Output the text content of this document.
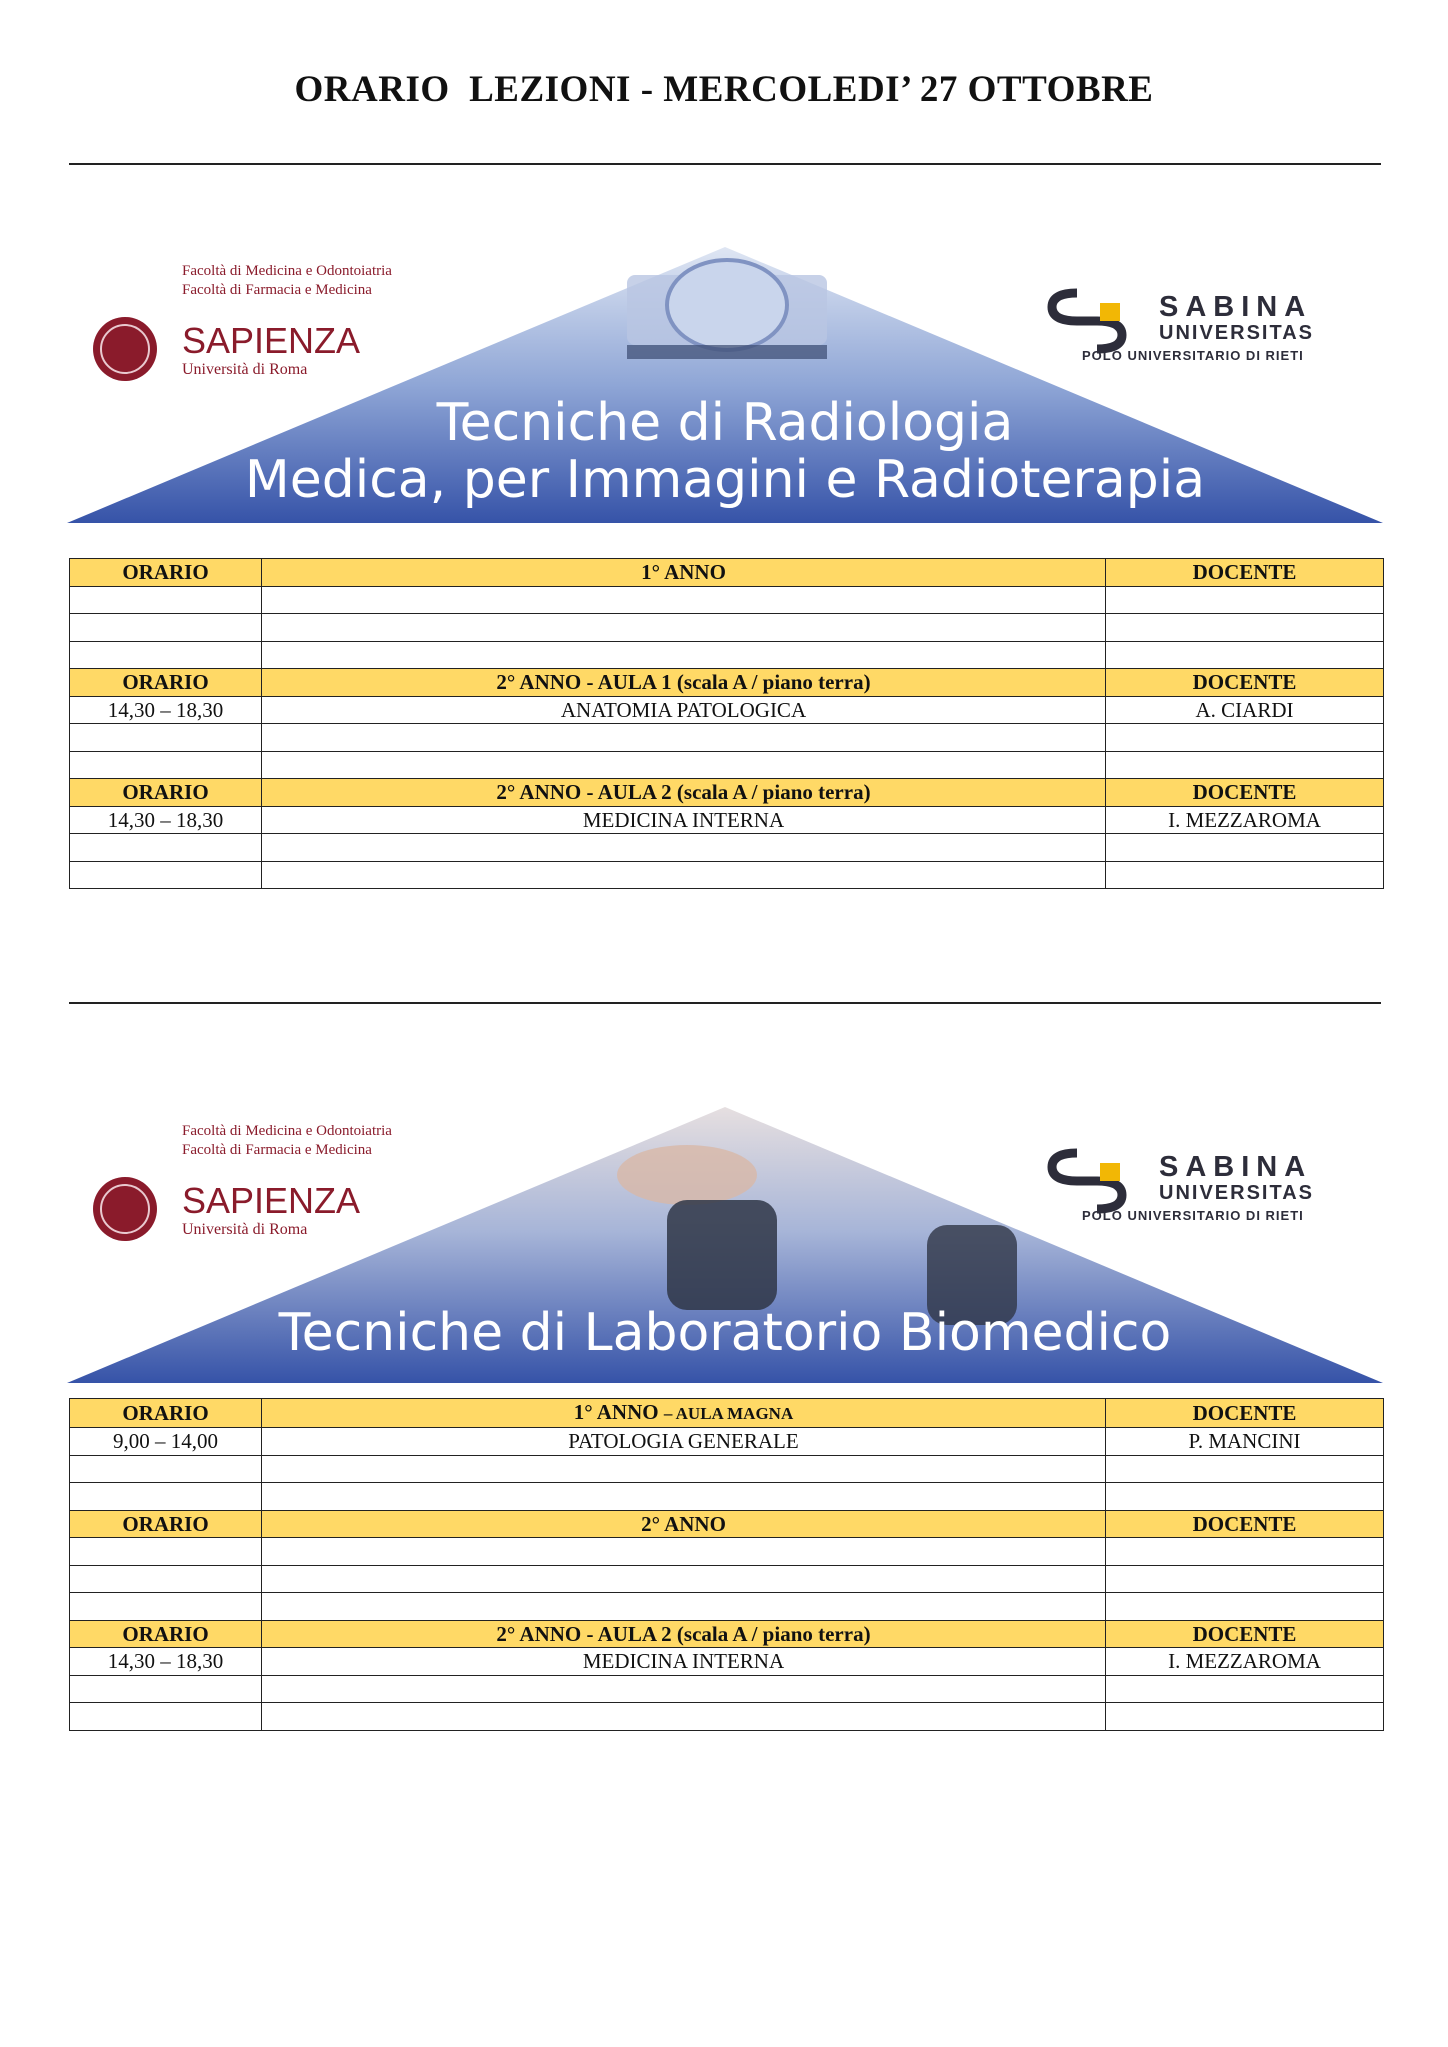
ORARIO  LEZIONI - MERCOLEDI’ 27 OTTOBRE
Tecniche di Radiologia
Medica, per Immagini e Radioterapia
Facoltà di Medicina e Odontoiatria
Facoltà di Farmacia e Medicina
SAPIENZA
Università di Roma
SABINA
UNIVERSITAS
POLO UNIVERSITARIO DI RIETI
ORARIO	1° ANNO	DOCENTE

ORARIO	2° ANNO - AULA 1 (scala A / piano terra)	DOCENTE
14,30 – 18,30	ANATOMIA PATOLOGICA	A. CIARDI

ORARIO	2° ANNO - AULA 2 (scala A / piano terra)	DOCENTE
14,30 – 18,30	MEDICINA INTERNA	I. MEZZAROMA

Tecniche di Laboratorio Biomedico
Facoltà di Medicina e Odontoiatria
Facoltà di Farmacia e Medicina
SAPIENZA
Università di Roma
SABINA
UNIVERSITAS
POLO UNIVERSITARIO DI RIETI
ORARIO	1° ANNO – AULA MAGNA	DOCENTE
9,00 – 14,00	PATOLOGIA GENERALE	P. MANCINI

ORARIO	2° ANNO	DOCENTE

ORARIO	2° ANNO - AULA 2 (scala A / piano terra)	DOCENTE
14,30 – 18,30	MEDICINA INTERNA	I. MEZZAROMA
